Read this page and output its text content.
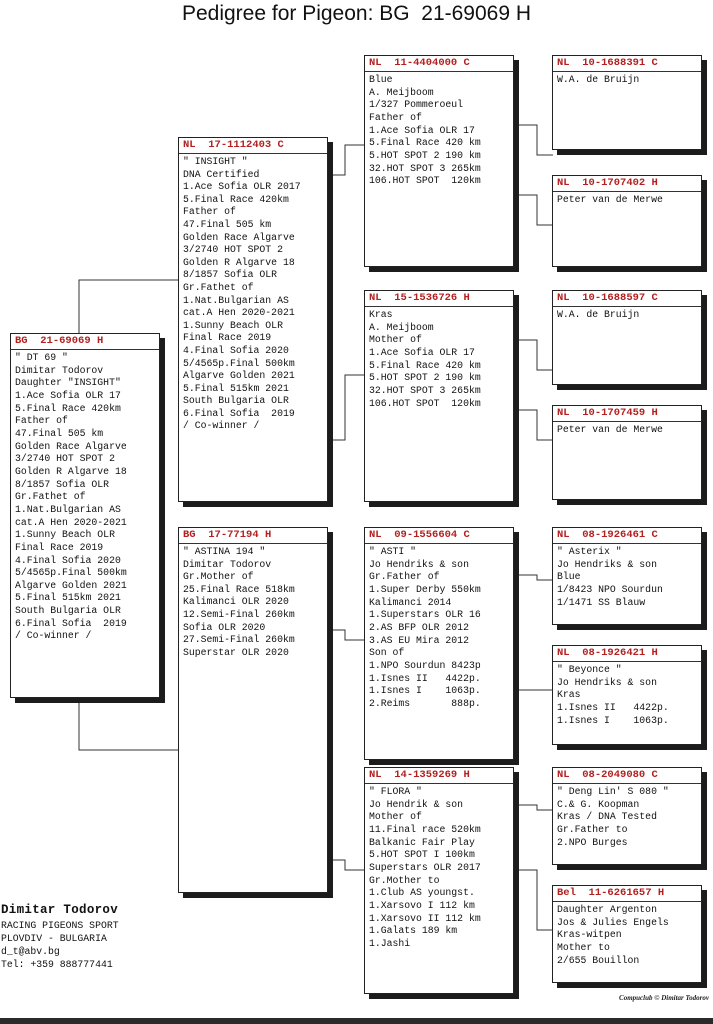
Pedigree for Pigeon: BG  21-69069 H
BG 21-69069 H
" DT 69 "
Dimitar Todorov
Daughter "INSIGHT"
1.Ace Sofia OLR 17
5.Final Race 420km
Father of
47.Final 505 km
Golden Race Algarve
3/2740 HOT SPOT 2
Golden R Algarve 18
8/1857 Sofia OLR
Gr.Fathet of
1.Nat.Bulgarian AS
cat.A Hen 2020-2021
1.Sunny Beach OLR
Final Race 2019
4.Final Sofia 2020
5/4565p.Final 500km
Algarve Golden 2021
5.Final 515km 2021
South Bulgaria OLR
6.Final Sofia  2019
/ Co-winner /
NL 17-1112403 C
" INSIGHT "
DNA Certified
1.Ace Sofia OLR 2017
5.Final Race 420km
Father of
47.Final 505 km
Golden Race Algarve
3/2740 HOT SPOT 2
Golden R Algarve 18
8/1857 Sofia OLR
Gr.Fathet of
1.Nat.Bulgarian AS
cat.A Hen 2020-2021
1.Sunny Beach OLR
Final Race 2019
4.Final Sofia 2020
5/4565p.Final 500km
Algarve Golden 2021
5.Final 515km 2021
South Bulgaria OLR
6.Final Sofia  2019
/ Co-winner /
BG 17-77194 H
" ASTINA 194 "
Dimitar Todorov
Gr.Mother of
25.Final Race 518km
Kalimanci OLR 2020
12.Semi-Final 260km
Sofia OLR 2020
27.Semi-Final 260km
Superstar OLR 2020
NL 11-4404000 C
Blue
A. Meijboom
1/327 Pommeroeul
Father of
1.Ace Sofia OLR 17
5.Final Race 420 km
5.HOT SPOT 2 190 km
32.HOT SPOT 3 265km
106.HOT SPOT  120km
NL 15-1536726 H
Kras
A. Meijboom
Mother of
1.Ace Sofia OLR 17
5.Final Race 420 km
5.HOT SPOT 2 190 km
32.HOT SPOT 3 265km
106.HOT SPOT  120km
NL 09-1556604 C
" ASTI "
Jo Hendriks & son
Gr.Father of
1.Super Derby 550km
Kalimanci 2014
1.Superstars OLR 16
2.AS BFP OLR 2012
3.AS EU Mira 2012
Son of
1.NPO Sourdun 8423p
1.Isnes II   4422p.
1.Isnes I    1063p.
2.Reims       888p.
NL 14-1359269 H
" FLORA "
Jo Hendrik & son
Mother of
11.Final race 520km
Balkanic Fair Play
5.HOT SPOT I 100km
Superstars OLR 2017
Gr.Mother to
1.Club AS youngst.
1.Xarsovo I 112 km
1.Xarsovo II 112 km
1.Galats 189 km
1.Jashi
NL 10-1688391 C
W.A. de Bruijn
NL 10-1707402 H
Peter van de Merwe
NL 10-1688597 C
W.A. de Bruijn
NL 10-1707459 H
Peter van de Merwe
NL 08-1926461 C
" Asterix "
Jo Hendriks & son
Blue
1/8423 NPO Sourdun
1/1471 SS Blauw
NL 08-1926421 H
" Beyonce "
Jo Hendriks & son
Kras
1.Isnes II   4422p.
1.Isnes I    1063p.
NL 08-2049080 C
" Deng Lin' S 080 "
C.& G. Koopman
Kras / DNA Tested
Gr.Father to
2.NPO Burges
Bel 11-6261657 H
Daughter Argenton
Jos & Julies Engels
Kras-witpen
Mother to
2/655 Bouillon
Dimitar Todorov
RACING PIGEONS SPORT
PLOVDIV - BULGARIA
d_t@abv.bg
Tel: +359 888777441
Compuclub © Dimitar Todorov
